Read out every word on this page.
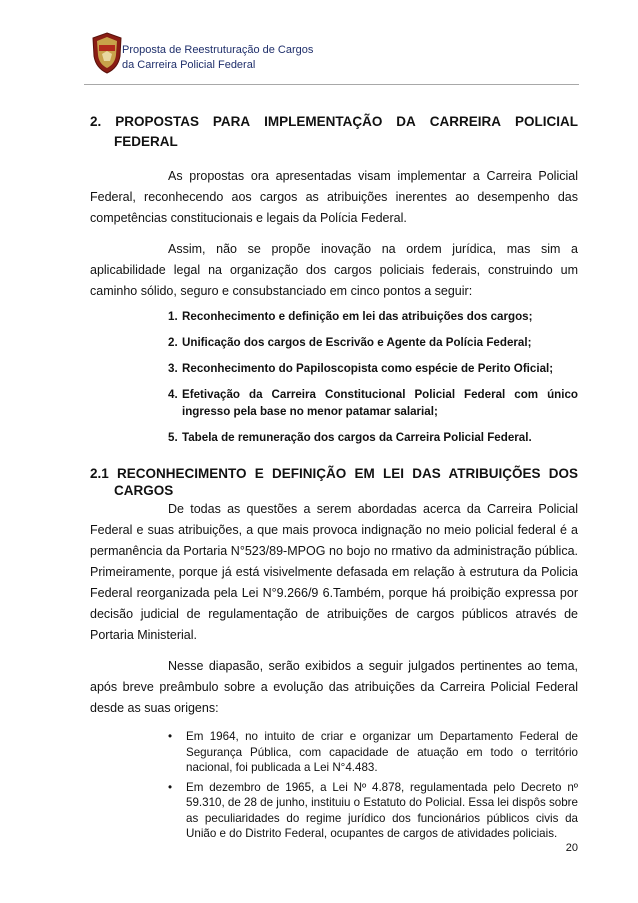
Proposta de Reestruturação de Cargos
da Carreira Policial Federal
2. PROPOSTAS PARA IMPLEMENTAÇÃO DA CARREIRA POLICIAL
FEDERAL

As propostas ora apresentadas visam implementar a Carreira Policial Federal, reconhecendo aos cargos as atribuições inerentes ao desempenho das competências constitucionais e legais da Polícia Federal.

Assim, não se propõe inovação na ordem jurídica, mas sim a aplicabilidade legal na organização dos cargos policiais federais, construindo um caminho sólido, seguro e consubstanciado em cinco pontos a seguir:

1. Reconhecimento e definição em lei das atribuições dos cargos;
2. Unificação dos cargos de Escrivão e Agente da Polícia Federal;
3. Reconhecimento do Papiloscopista como espécie de Perito Oficial;
4. Efetivação da Carreira Constitucional Policial Federal com único ingresso pela base no menor patamar salarial;
5. Tabela de remuneração dos cargos da Carreira Policial Federal.
2.1 RECONHECIMENTO E DEFINIÇÃO EM LEI DAS ATRIBUIÇÕES DOS
CARGOS

De todas as questões a serem abordadas acerca da Carreira Policial Federal e suas atribuições, a que mais provoca indignação no meio policial federal é a permanência da Portaria N°523/89-MPOG no bojo no rmativo da administração pública. Primeiramente, porque já está visivelmente defasada em relação à estrutura da Policia Federal reorganizada pela Lei N°9.266/9 6.Também, porque há proibição expressa por decisão judicial de regulamentação de atribuições de cargos públicos através de Portaria Ministerial.

Nesse diapasão, serão exibidos a seguir julgados pertinentes ao tema, após breve preâmbulo sobre a evolução das atribuições da Carreira Policial Federal desde as suas origens:

•	Em 1964, no intuito de criar e organizar um Departamento Federal de Segurança Pública, com capacidade de atuação em todo o território nacional, foi publicada a Lei N°4.483.
•	Em dezembro de 1965, a Lei Nº 4.878, regulamentada pelo Decreto nº 59.310, de 28 de junho, instituiu o Estatuto do Policial. Essa lei dispôs sobre as peculiaridades do regime jurídico dos funcionários públicos civis da União e do Distrito Federal, ocupantes de cargos de atividades policiais.
20
